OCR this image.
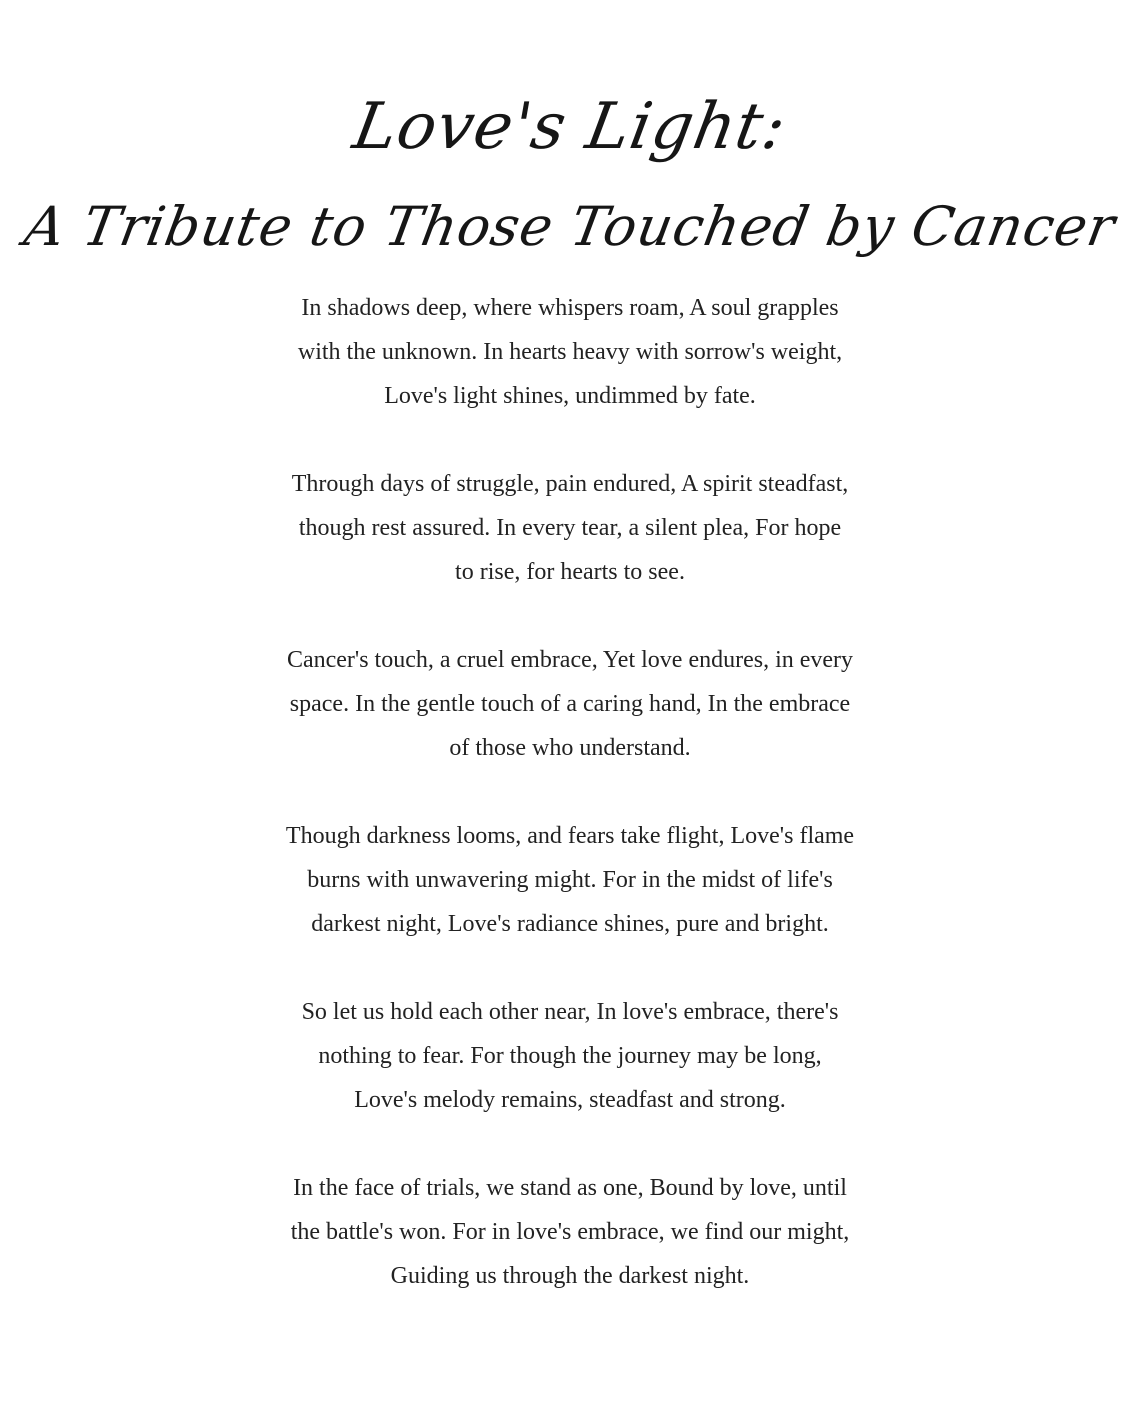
Love's Light:
A Tribute to Those Touched by Cancer

In shadows deep, where whispers roam, A soul grapples
with the unknown. In hearts heavy with sorrow's weight,
Love's light shines, undimmed by fate.

Through days of struggle, pain endured, A spirit steadfast,
though rest assured. In every tear, a silent plea, For hope
to rise, for hearts to see.

Cancer's touch, a cruel embrace, Yet love endures, in every
space. In the gentle touch of a caring hand, In the embrace
of those who understand.

Though darkness looms, and fears take flight, Love's flame
burns with unwavering might. For in the midst of life's
darkest night, Love's radiance shines, pure and bright.

So let us hold each other near, In love's embrace, there's
nothing to fear. For though the journey may be long,
Love's melody remains, steadfast and strong.

In the face of trials, we stand as one, Bound by love, until
the battle's won. For in love's embrace, we find our might,
Guiding us through the darkest night.
